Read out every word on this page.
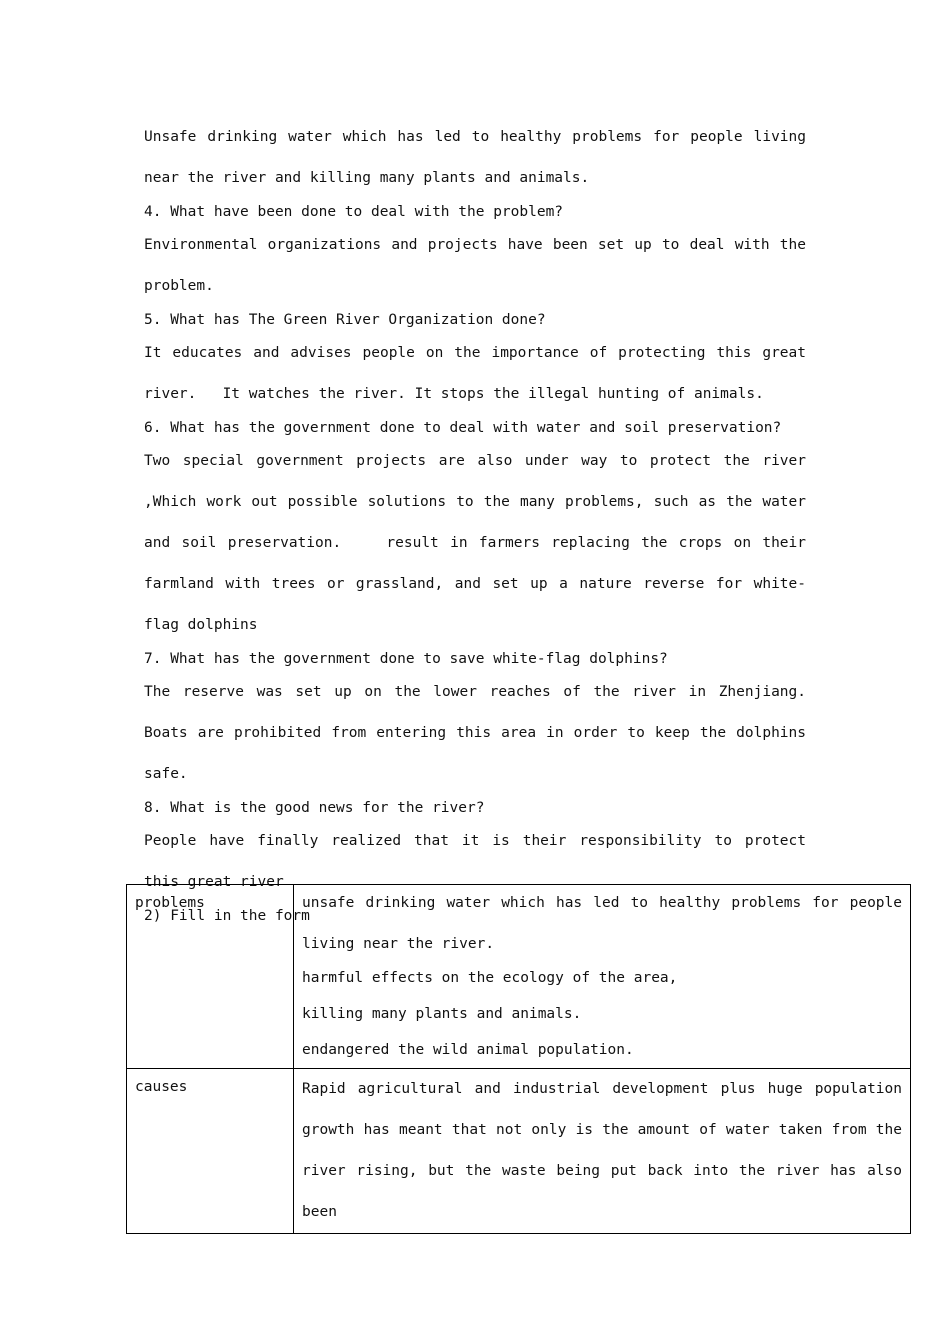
Unsafe drinking water which has led to healthy problems for people living near the river and killing many plants and animals.

4. What have been done to deal with the problem?

Environmental organizations and projects have been set up to deal with the problem.

5. What has The Green River Organization done?

It educates and advises people on the importance of protecting this great river.   It watches the river. It stops the illegal hunting of animals.

6. What has the government done to deal with water and soil preservation?

Two special government projects are also under way to protect the river ,Which work out possible solutions to the many problems, such as the water and soil preservation.    result in farmers replacing the crops on their farmland with trees or grassland, and set up a nature reverse for white-flag dolphins

7. What has the government done to save white-flag dolphins?

The reserve was set up on the lower reaches of the river in Zhenjiang. Boats are prohibited from entering this area in order to keep the dolphins safe.

8. What is the good news for the river?

People have finally realized that it is their responsibility to protect this great river

2) Fill in the form

problems	unsafe drinking water which has led to healthy problems for people living near the river.

harmful effects on the ecology of the area,

killing many plants and animals.

endangered the wild animal population.

causes	Rapid agricultural and industrial development plus huge population growth has meant that not only is the amount of water taken from the river rising, but the waste being put back into the river has also been
